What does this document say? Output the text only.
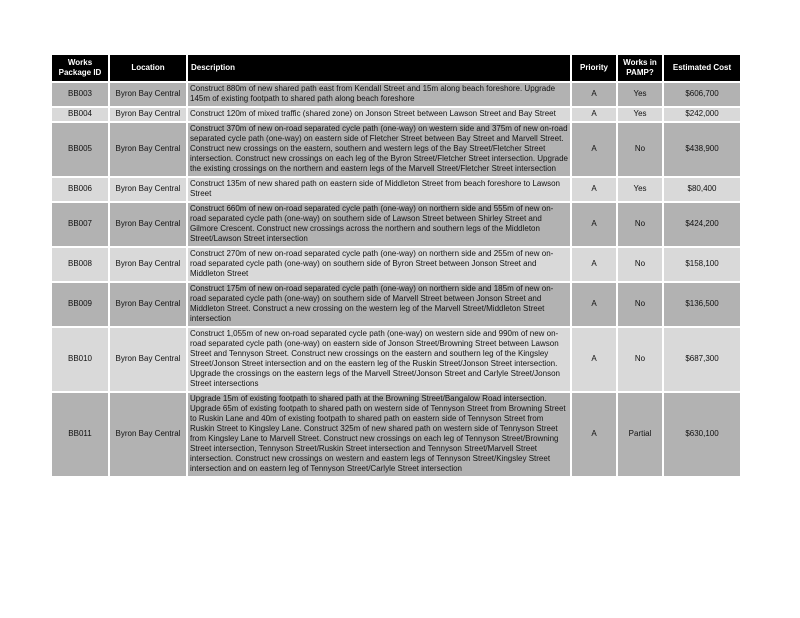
Works Package ID	Location	Description	Priority	Works in PAMP?	Estimated Cost
BB003	Byron Bay Central	Construct 880m of new shared path east from Kendall Street and 15m along beach foreshore. Upgrade 145m of existing footpath to shared path along beach foreshore	A	Yes	$606,700
BB004	Byron Bay Central	Construct 120m of mixed traffic (shared zone) on Jonson Street between Lawson Street and Bay Street	A	Yes	$242,000
BB005	Byron Bay Central	Construct 370m of new on-road separated cycle path (one-way) on western side and 375m of new on-road separated cycle path (one-way) on eastern side of Fletcher Street between Bay Street and Marvell Street. Construct new crossings on the eastern, southern and western legs of the Bay Street/Fletcher Street intersection. Construct new crossings on each leg of the Byron Street/Fletcher Street intersection. Upgrade the existing crossings on the northern and eastern legs of the Marvell Street/Fletcher Street intersection	A	No	$438,900
BB006	Byron Bay Central	Construct 135m of new shared path on eastern side of Middleton Street from beach foreshore to Lawson Street	A	Yes	$80,400
BB007	Byron Bay Central	Construct 660m of new on-road separated cycle path (one-way) on northern side and 555m of new on-road separated cycle path (one-way) on southern side of Lawson Street between Shirley Street and Gilmore Crescent. Construct new crossings across the northern and southern legs of the Middleton Street/Lawson Street intersection	A	No	$424,200
BB008	Byron Bay Central	Construct 270m of new on-road separated cycle path (one-way) on northern side and 255m of new on-road separated cycle path (one-way) on southern side of Byron Street between Jonson Street and Middleton Street	A	No	$158,100
BB009	Byron Bay Central	Construct 175m of new on-road separated cycle path (one-way) on northern side and 185m of new on-road separated cycle path (one-way) on southern side of Marvell Street between Jonson Street and Middleton Street. Construct a new crossing on the western leg of the Marvell Street/Middleton Street intersection	A	No	$136,500
BB010	Byron Bay Central	Construct 1,055m of new on-road separated cycle path (one-way) on western side and 990m of new on-road separated cycle path (one-way) on eastern side of Jonson Street/Browning Street between Lawson Street and Tennyson Street. Construct new crossings on the eastern and southern leg of the Kingsley Street/Jonson Street intersection and on the eastern leg of the Ruskin Street/Jonson Street intersection. Upgrade the crossings on the eastern legs of the Marvell Street/Jonson Street and Carlyle Street/Jonson Street intersections	A	No	$687,300
BB011	Byron Bay Central	Upgrade 15m of existing footpath to shared path at the Browning Street/Bangalow Road intersection. Upgrade 65m of existing footpath to shared path on western side of Tennyson Street from Browning Street to Ruskin Lane and 40m of existing footpath to shared path on eastern side of Tennyson Street from Ruskin Street to Kingsley Lane. Construct 325m of new shared path on western side of Tennyson Street from Kingsley Lane to Marvell Street. Construct new crossings on each leg of Tennyson Street/Browning Street intersection, Tennyson Street/Ruskin Street intersection and Tennyson Street/Marvell Street intersection. Construct new crossings on western and eastern legs of Tennyson Street/Kingsley Street intersection and on eastern leg of Tennyson Street/Carlyle Street intersection	A	Partial	$630,100
